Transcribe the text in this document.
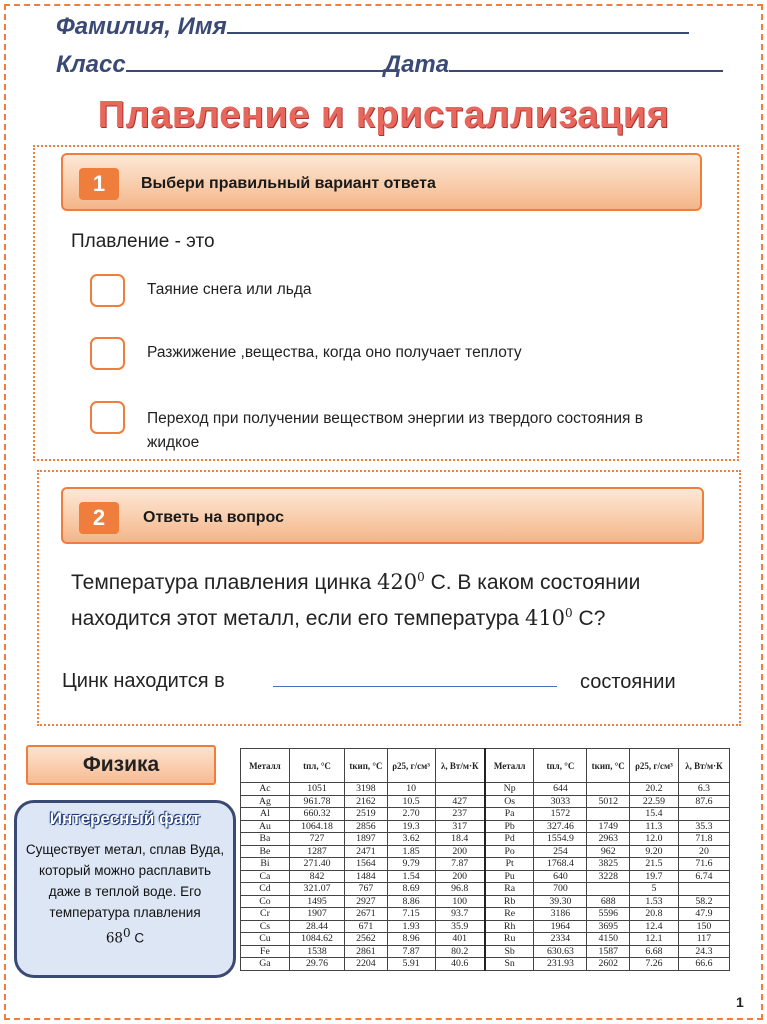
Фамилия, Имя
Класс	Дата
Плавление и кристаллизация
1	Выбери правильный вариант ответа
Плавление - это
Таяние снега или льда
Разжижение ,вещества, когда оно получает теплоту
Переход при получении веществом энергии из твердого состояния в жидкое
2	Ответь на вопрос
Температура плавления цинка $420^0$ С. В каком состоянии находится этот металл, если его температура $410^0$ С?
Цинк находится в	состоянии
Физика
Интересный факт
Существует метал, сплав Вуда, который можно расплавить даже в теплой воде. Его температура плавления
680 С
Металл	tпл, °C	tкип, °C	ρ25, г/см³	λ, Вт/м·К	Металл	tпл, °C	tкип, °C	ρ25, г/см³	λ, Вт/м·К
Ac	1051	3198	10		Np	644		20.2	6.3
Ag	961.78	2162	10.5	427	Os	3033	5012	22.59	87.6
Al	660.32	2519	2.70	237	Pa	1572		15.4	
Au	1064.18	2856	19.3	317	Pb	327.46	1749	11.3	35.3
Ba	727	1897	3.62	18.4	Pd	1554.9	2963	12.0	71.8
Be	1287	2471	1.85	200	Po	254	962	9.20	20
Bi	271.40	1564	9.79	7.87	Pt	1768.4	3825	21.5	71.6
Ca	842	1484	1.54	200	Pu	640	3228	19.7	6.74
Cd	321.07	767	8.69	96.8	Ra	700		5	
Co	1495	2927	8.86	100	Rb	39.30	688	1.53	58.2
Cr	1907	2671	7.15	93.7	Re	3186	5596	20.8	47.9
Cs	28.44	671	1.93	35.9	Rh	1964	3695	12.4	150
Cu	1084.62	2562	8.96	401	Ru	2334	4150	12.1	117
Fe	1538	2861	7.87	80.2	Sb	630.63	1587	6.68	24.3
Ga	29.76	2204	5.91	40.6	Sn	231.93	2602	7.26	66.6
1
